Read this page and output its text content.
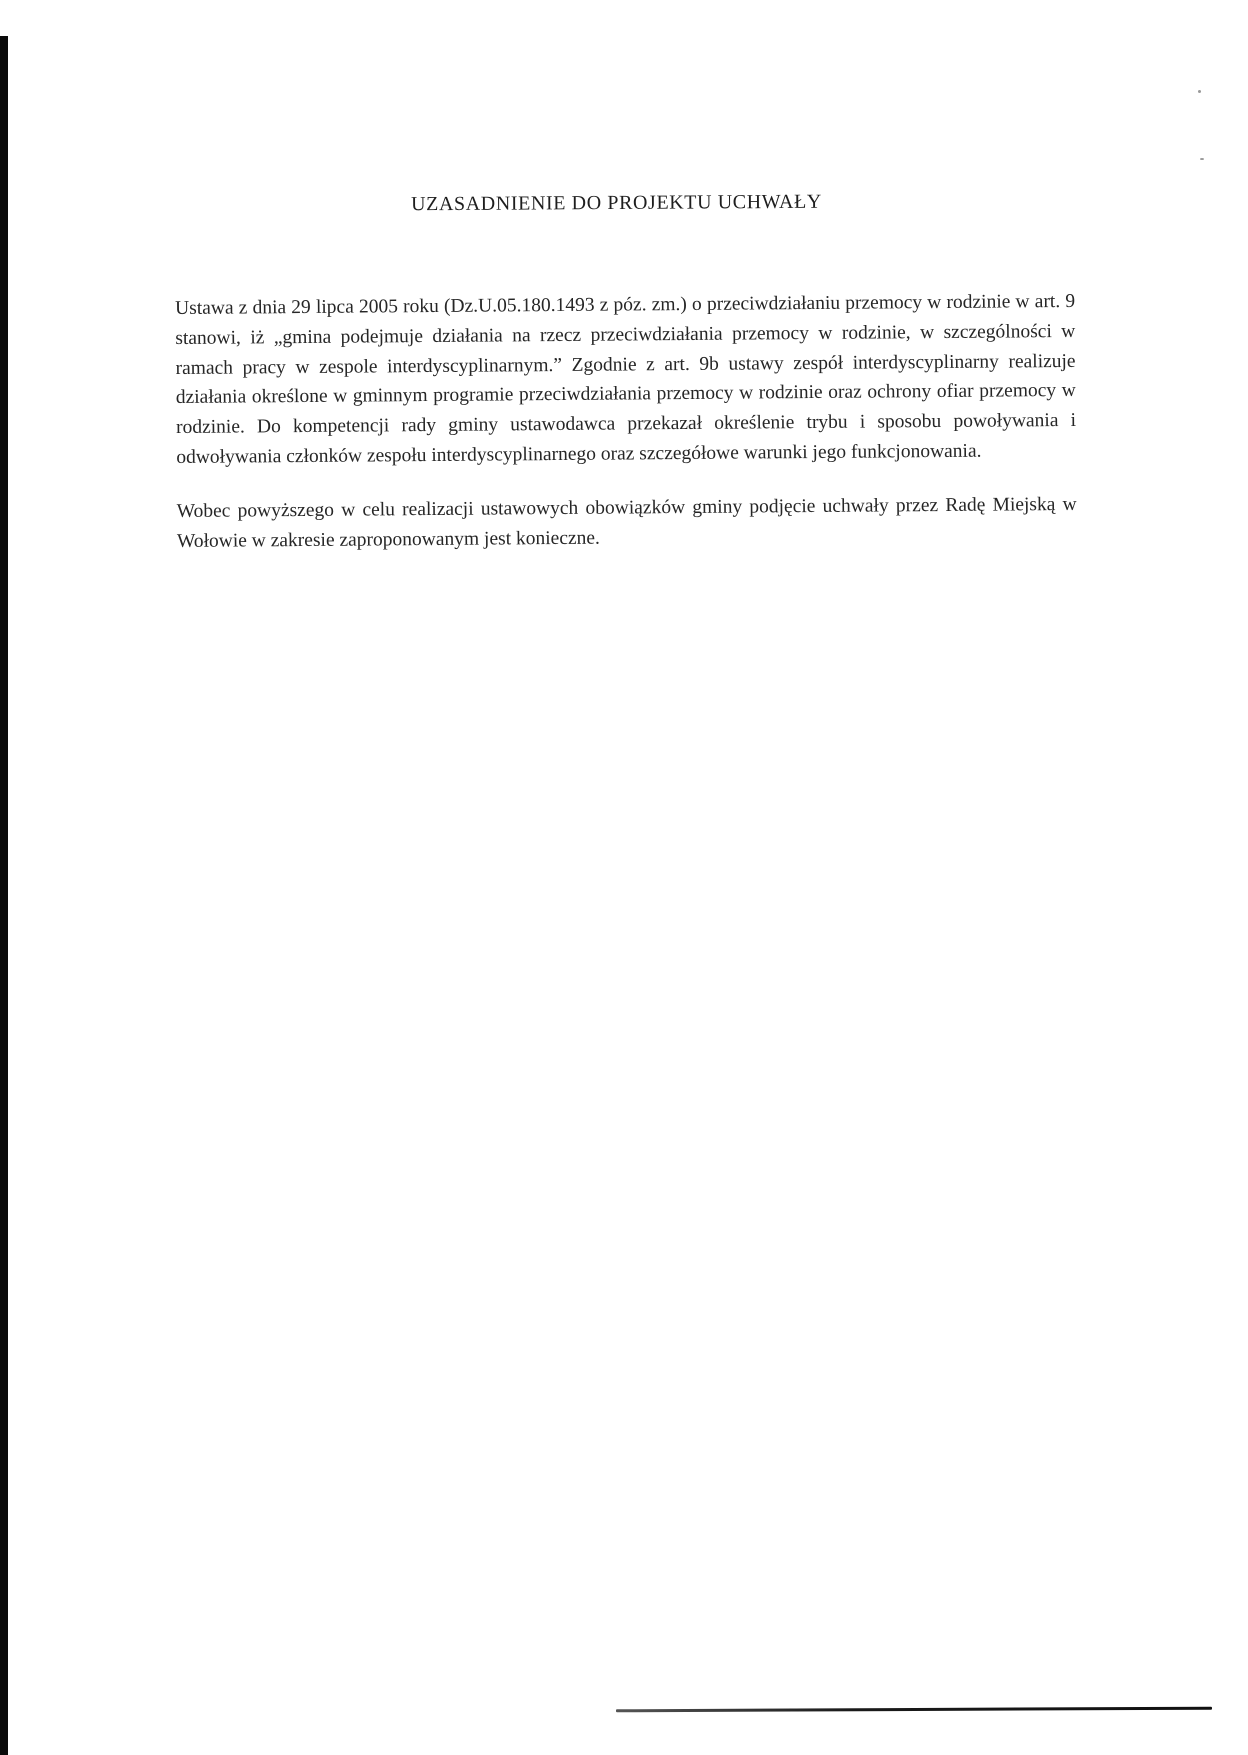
UZASADNIENIE DO PROJEKTU UCHWAŁY

Ustawa z dnia 29 lipca 2005 roku (Dz.U.05.180.1493 z póz. zm.) o przeciwdziałaniu przemocy w rodzinie w art. 9 stanowi, iż „gmina podejmuje działania na rzecz przeciwdziałania przemocy w rodzinie, w szczególności w ramach pracy w zespole interdyscyplinarnym.” Zgodnie z art. 9b ustawy zespół interdyscyplinarny realizuje działania określone w gminnym programie przeciwdziałania przemocy w rodzinie oraz ochrony ofiar przemocy w rodzinie. Do kompetencji rady gminy ustawodawca przekazał określenie trybu i sposobu powoływania i odwoływania członków zespołu interdyscyplinarnego oraz szczegółowe warunki jego funkcjonowania.

Wobec powyższego w celu realizacji ustawowych obowiązków gminy podjęcie uchwały przez Radę Miejską w Wołowie w zakresie zaproponowanym jest konieczne.
